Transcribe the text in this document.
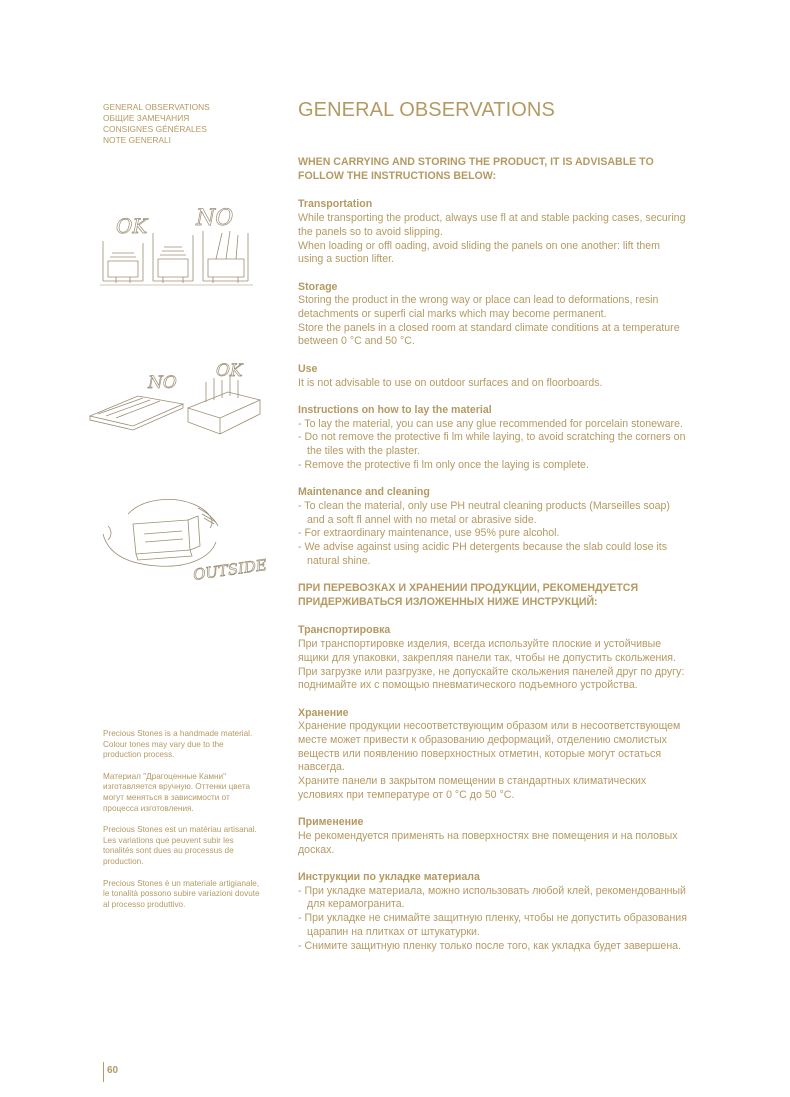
GENERAL OBSERVATIONS
ОБЩИЕ ЗАМЕЧАНИЯ
CONSIGNES GÉNÉRALES
NOTE GENERALI
OK NO
NO
OK
OUTSIDE

Precious Stones is a handmade material. Colour tones may vary due to the production process.

Материал "Драгоценные Камни" изготавляется вручную. Оттенки цвета могут меняться в зависимости от процесса изготовления.

Precious Stones est un matériau artisanal. Les variations que peuvent subir les tonalités sont dues au processus de production.

Precious Stones è un materiale artigianale, le tonalità possono subire variazioni dovute al processo produttivo.

GENERAL OBSERVATIONS

WHEN CARRYING AND STORING THE PRODUCT, IT IS ADVISABLE TO FOLLOW THE INSTRUCTIONS BELOW:

Transportation

While transporting the product, always use fl at and stable packing cases, securing the panels so to avoid slipping.

When loading or offl oading, avoid sliding the panels on one another: lift them using a suction lifter.

Storage

Storing the product in the wrong way or place can lead to deformations, resin detachments or superfi cial marks which may become permanent.

Store the panels in a closed room at standard climate conditions at a temperature between 0 °C and 50 °C.

Use

It is not advisable to use on outdoor surfaces and on floorboards.

Instructions on how to lay the material
- To lay the material, you can use any glue recommended for porcelain stoneware.
- Do not remove the protective fi lm while laying, to avoid scratching the corners on the tiles with the plaster.
- Remove the protective fi lm only once the laying is complete.
Maintenance and cleaning
- To clean the material, only use PH neutral cleaning products (Marseilles soap) and a soft fl annel with no metal or abrasive side.
- For extraordinary maintenance, use 95% pure alcohol.
- We advise against using acidic PH detergents because the slab could lose its natural shine.

ПРИ ПЕРЕВОЗКАХ И ХРАНЕНИИ ПРОДУКЦИИ, РЕКОМЕНДУЕТСЯ ПРИДЕРЖИВАТЬСЯ ИЗЛОЖЕННЫХ НИЖЕ ИНСТРУКЦИЙ:

Транспортировка

При транспортировке изделия, всегда используйте плоские и устойчивые ящики для упаковки, закрепляя панели так, чтобы не допустить скольжения. При загрузке или разгрузке, не допускайте скольжения панелей друг по другу: поднимайте их с помощью пневматического подъемного устройства.

Хранение

Хранение продукции несоответствующим образом или в несоответствующем месте может привести к образованию деформаций, отделению смолистых веществ или появлению поверхностных отметин, которые могут остаться навсегда.

Храните панели в закрытом помещении в стандартных климатических условиях при температуре от 0 °C до 50 °C.

Применение

Не рекомендуется применять на поверхностях вне помещения и на половых досках.

Инструкции по укладке материала
- При укладке материала, можно использовать любой клей, рекомендованный для керамогранита.
- При укладке не снимайте защитную пленку, чтобы не допустить образования царапин на плитках от штукатурки.
- Снимите защитную пленку только после того, как укладка будет завершена.
60
